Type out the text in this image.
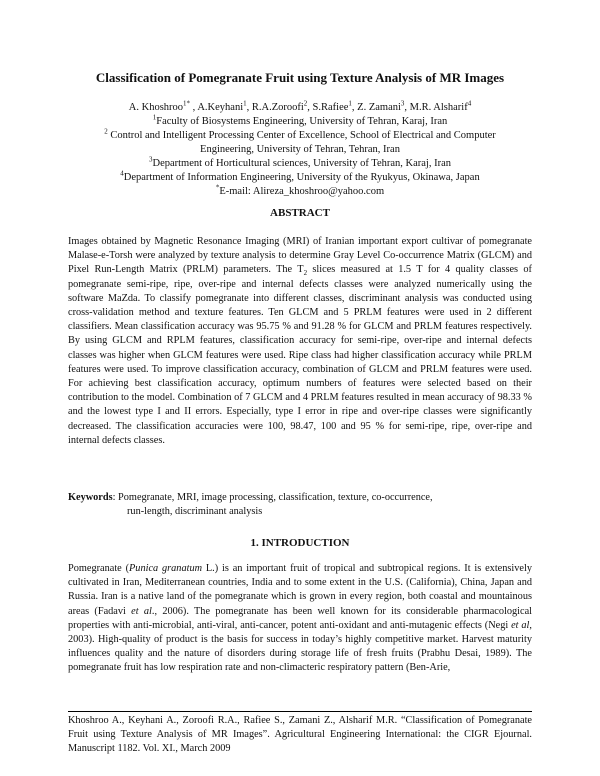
Classification of Pomegranate Fruit using Texture Analysis of MR Images
A. Khoshroo$^{1*}$ , A.Keyhani$^1$, R.A.Zoroofi$^2$, S.Rafiee$^1$, Z. Zamani$^3$, M.R. Alsharif$^4$
$^1$Faculty of Biosystems Engineering, University of Tehran, Karaj, Iran
$^2$ Control and Intelligent Processing Center of Excellence, School of Electrical and Computer
Engineering, University of Tehran, Tehran, Iran
$^3$Department of Horticultural sciences, University of Tehran, Karaj, Iran
$^4$Department of Information Engineering, University of the Ryukyus, Okinawa, Japan
*E-mail: Alireza_khoshroo@yahoo.com
ABSTRACT
Images obtained by Magnetic Resonance Imaging (MRI) of Iranian important export cultivar of pomegranate Malase-e-Torsh were analyzed by texture analysis to determine Gray Level Co-occurrence Matrix (GLCM) and Pixel Run-Length Matrix (PRLM) parameters. The $T_2$ slices measured at 1.5 T for 4 quality classes of pomegranate semi-ripe, ripe, over-ripe and internal defects classes were analyzed numerically using the software MaZda. To classify pomegranate into different classes, discriminant analysis was conducted using cross-validation method and texture features. Ten GLCM and 5 PRLM features were used in 2 different classifiers. Mean classification accuracy was 95.75 % and 91.28 % for GLCM and PRLM features respectively. By using GLCM and RPLM features, classification accuracy for semi-ripe, over-ripe and internal defects classes was higher when GLCM features were used. Ripe class had higher classification accuracy while PRLM features were used. To improve classification accuracy, combination of GLCM and PRLM features were used. For achieving best classification accuracy, optimum numbers of features were selected based on their contribution to the model. Combination of 7 GLCM and 4 PRLM features resulted in mean accuracy of 98.33 % and the lowest type I and II errors. Especially, type I error in ripe and over-ripe classes were significantly decreased. The classification accuracies were 100, 98.47, 100 and 95 % for semi-ripe, ripe, over-ripe and internal defects classes.
Keywords: Pomegranate, MRI, image processing, classification, texture, co-occurrence,
run-length, discriminant analysis
1. INTRODUCTION
Pomegranate (Punica granatum L.) is an important fruit of tropical and subtropical regions. It is extensively cultivated in Iran, Mediterranean countries, India and to some extent in the U.S. (California), China, Japan and Russia. Iran is a native land of the pomegranate which is grown in every region, both coastal and mountainous areas (Fadavi et al., 2006). The pomegranate has been well known for its considerable pharmacological properties with anti-microbial, anti-viral, anti-cancer, potent anti-oxidant and anti-mutagenic effects (Negi et al, 2003). High-quality of product is the basis for success in today’s highly competitive market. Harvest maturity influences quality and the nature of disorders during storage life of fresh fruits (Prabhu Desai, 1989). The pomegranate fruit has low respiration rate and non-climacteric respiratory pattern (Ben-Arie,
Khoshroo A., Keyhani A., Zoroofi R.A., Rafiee S., Zamani Z., Alsharif M.R. “Classification of Pomegranate Fruit using Texture Analysis of MR Images”. Agricultural Engineering International: the CIGR Ejournal. Manuscript 1182. Vol. XI., March 2009
